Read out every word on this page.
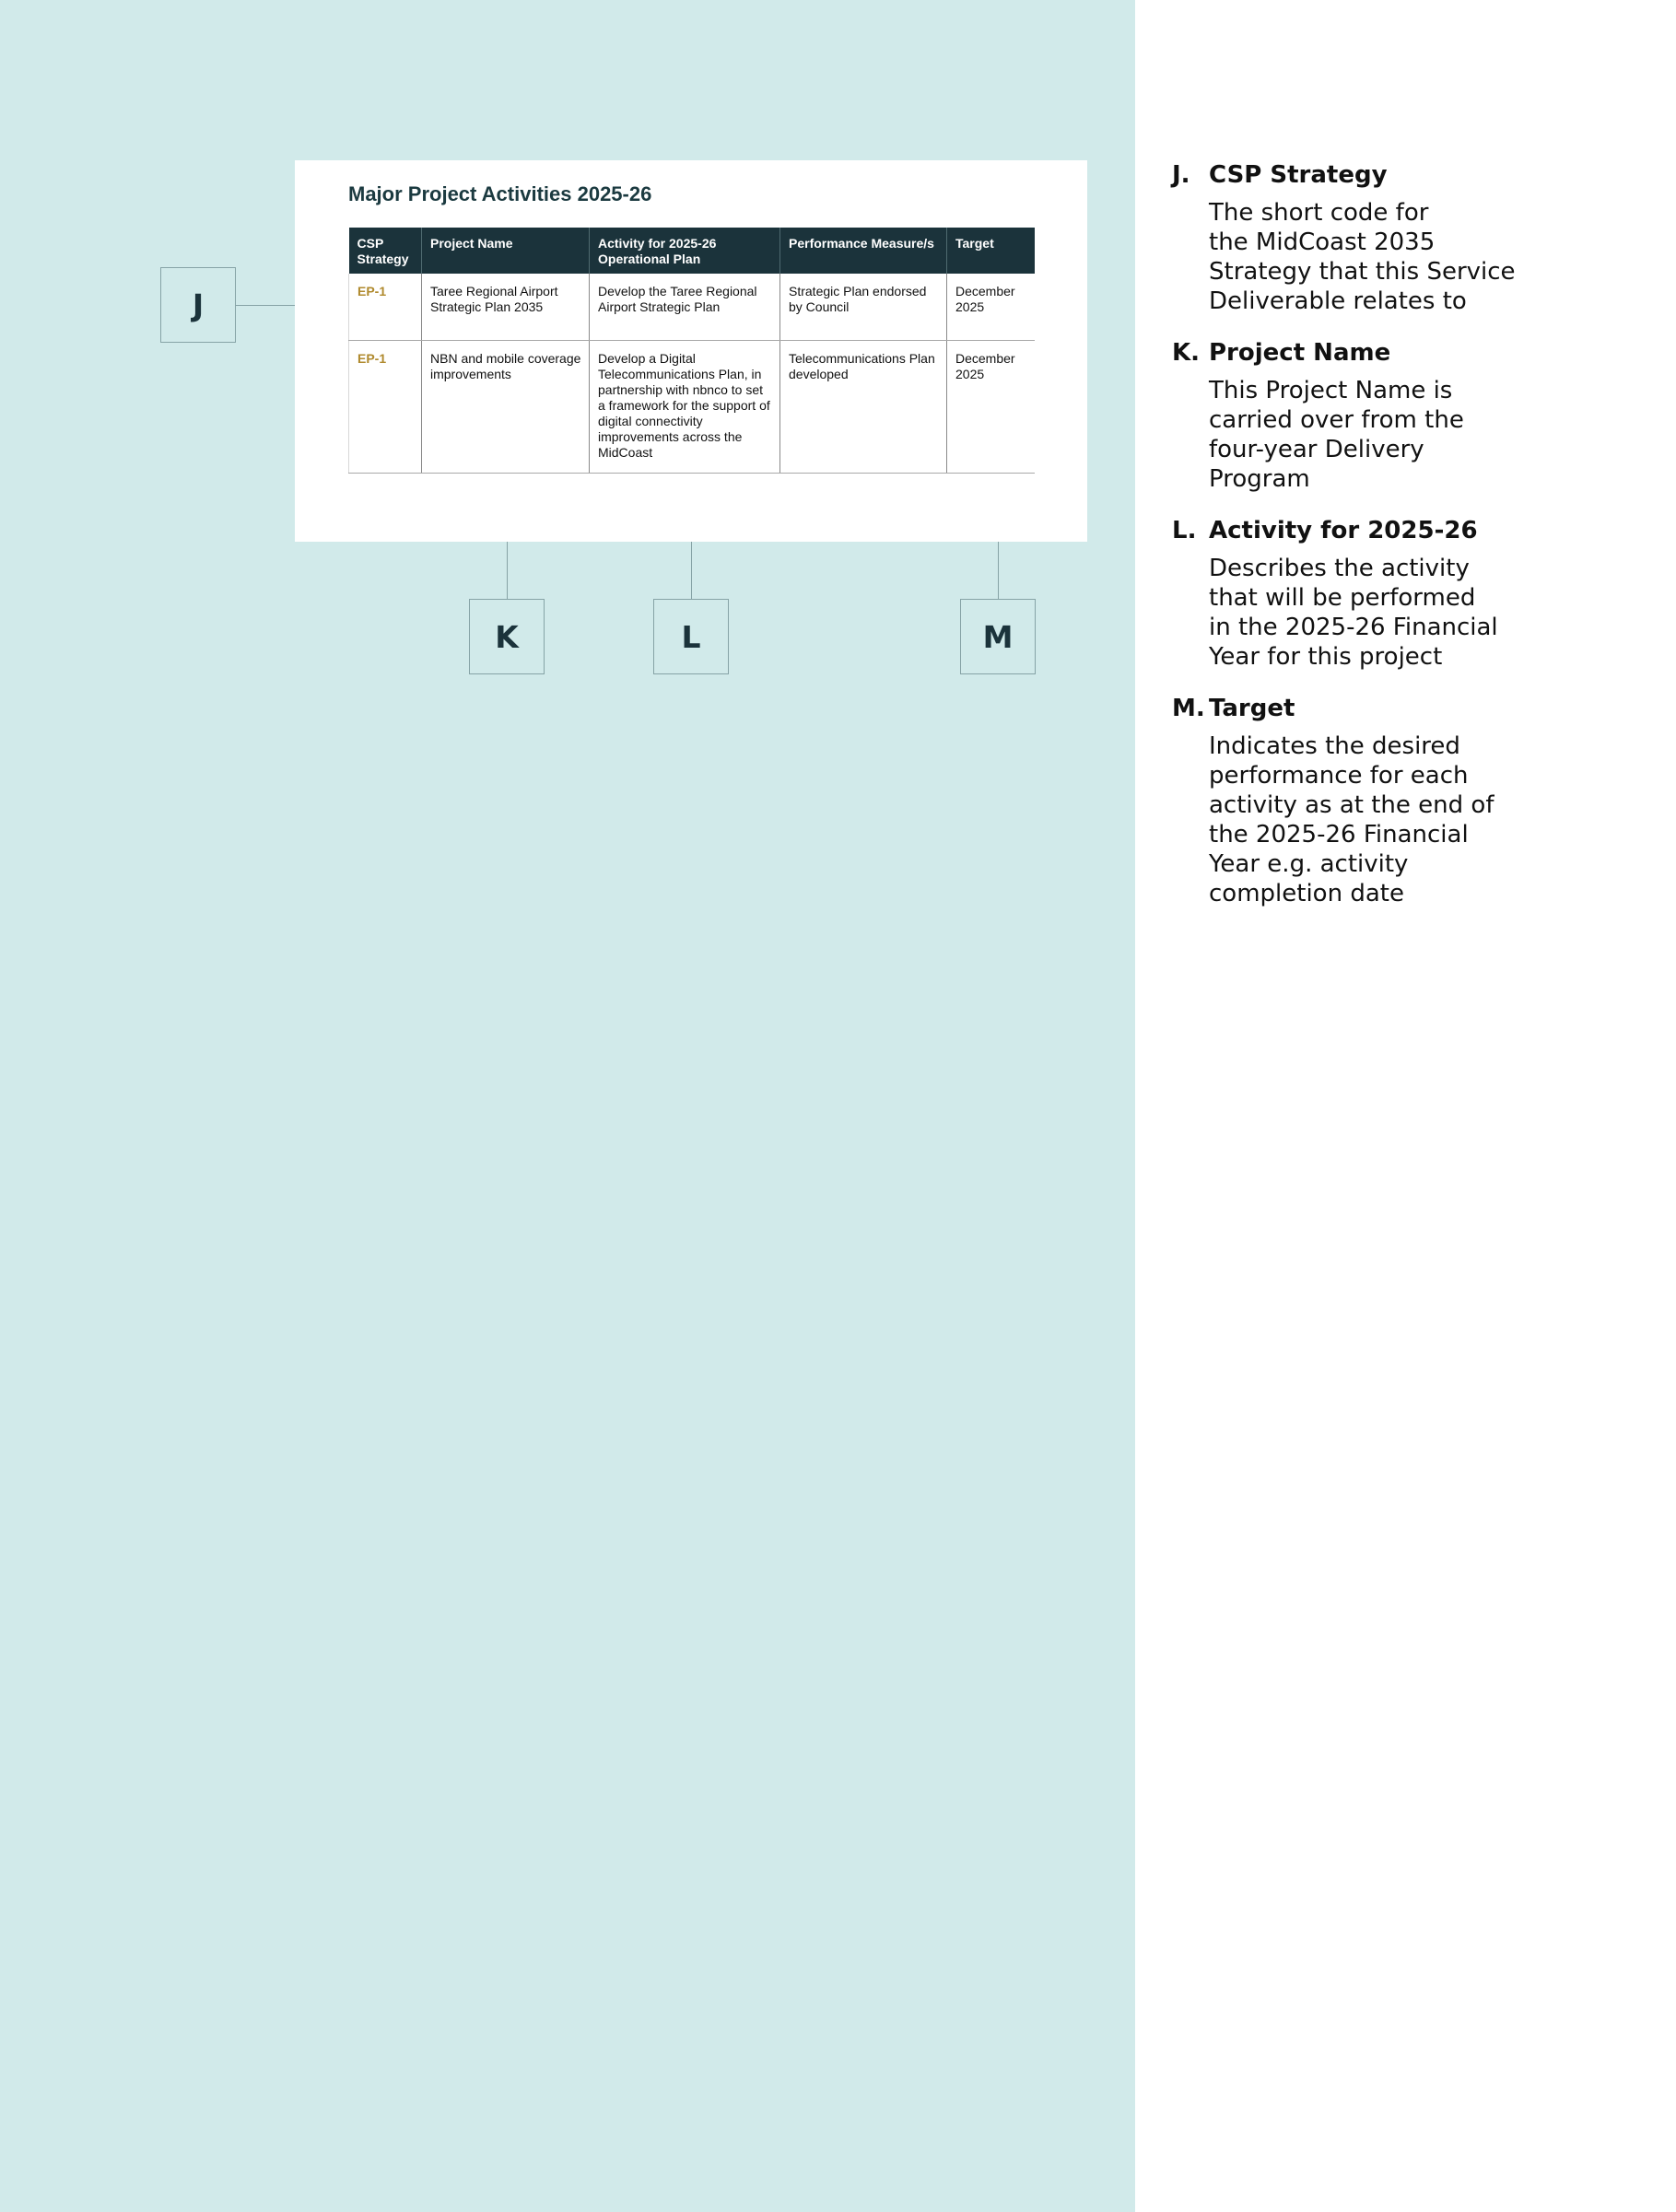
J
K	L	M
Major Project Activities 2025-26
CSP Strategy	Project Name	Activity for 2025-26 Operational Plan	Performance Measure/s	Target
EP-1	Taree Regional Airport Strategic Plan 2035	Develop the Taree Regional Airport Strategic Plan	Strategic Plan endorsed by Council	December 2025
EP-1	NBN and mobile coverage improvements	Develop a Digital Telecommunications Plan, in partnership with nbnco to set a framework for the support of digital connectivity improvements across the MidCoast	Telecommunications Plan developed	December 2025
J. CSP Strategy

The short code for
the MidCoast 2035
Strategy that this Service
Deliverable relates to

K. Project Name

This Project Name is
carried over from the
four-year Delivery
Program

L. Activity for 2025-26

Describes the activity
that will be performed
in the 2025-26 Financial
Year for this project

M. Target

Indicates the desired
performance for each
activity as at the end of
the 2025-26 Financial
Year e.g. activity
completion date
